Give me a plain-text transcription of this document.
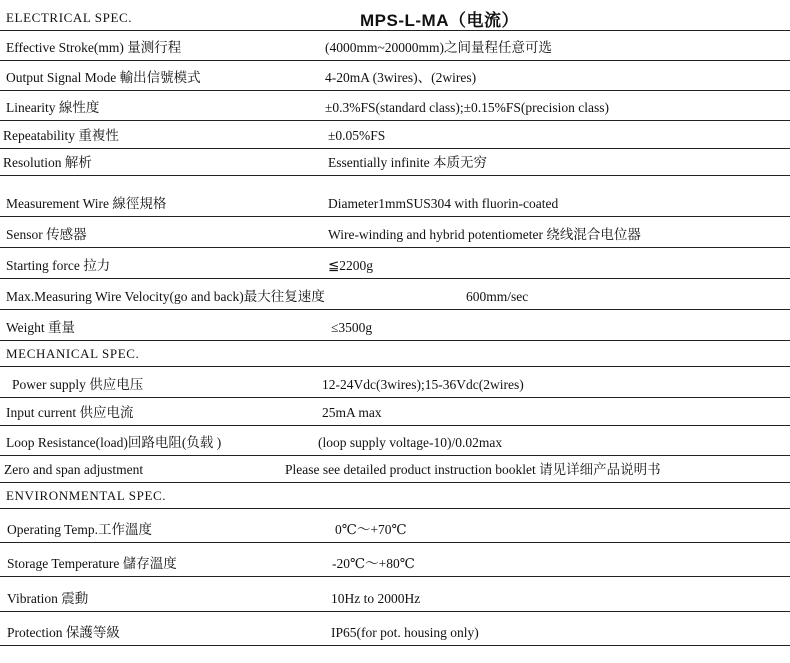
MPS-L-MA（电流）
ELECTRICAL SPEC.
Effective Stroke(mm) 量测行程	(4000mm~20000mm)之间量程任意可选
Output Signal Mode 輸出信號模式	4-20mA (3wires)、(2wires)
Linearity 線性度	±0.3%FS(standard class);±0.15%FS(precision class)
Repeatability 重複性	±0.05%FS
Resolution 解析	Essentially infinite 本质无穷
Measurement Wire 線徑規格	Diameter1mmSUS304 with fluorin-coated
Sensor 传感器	Wire-winding and hybrid potentiometer 绕线混合电位器
Starting force 拉力	≦2200g
Max.Measuring Wire Velocity(go and back)最大往复速度	600mm/sec
Weight 重量	≤3500g
MECHANICAL SPEC.
Power supply 供应电压	12-24Vdc(3wires);15-36Vdc(2wires)
Input current 供应电流	25mA max
Loop Resistance(load)回路电阻(负载 )	(loop supply voltage-10)/0.02max
Zero and span adjustment	Please see detailed product instruction booklet 请见详细产品说明书
ENVIRONMENTAL SPEC.
Operating Temp.工作溫度	0℃～+70℃
Storage Temperature 儲存溫度	-20℃～+80℃
Vibration 震動	10Hz to 2000Hz
Protection 保護等級	IP65(for pot. housing only)
